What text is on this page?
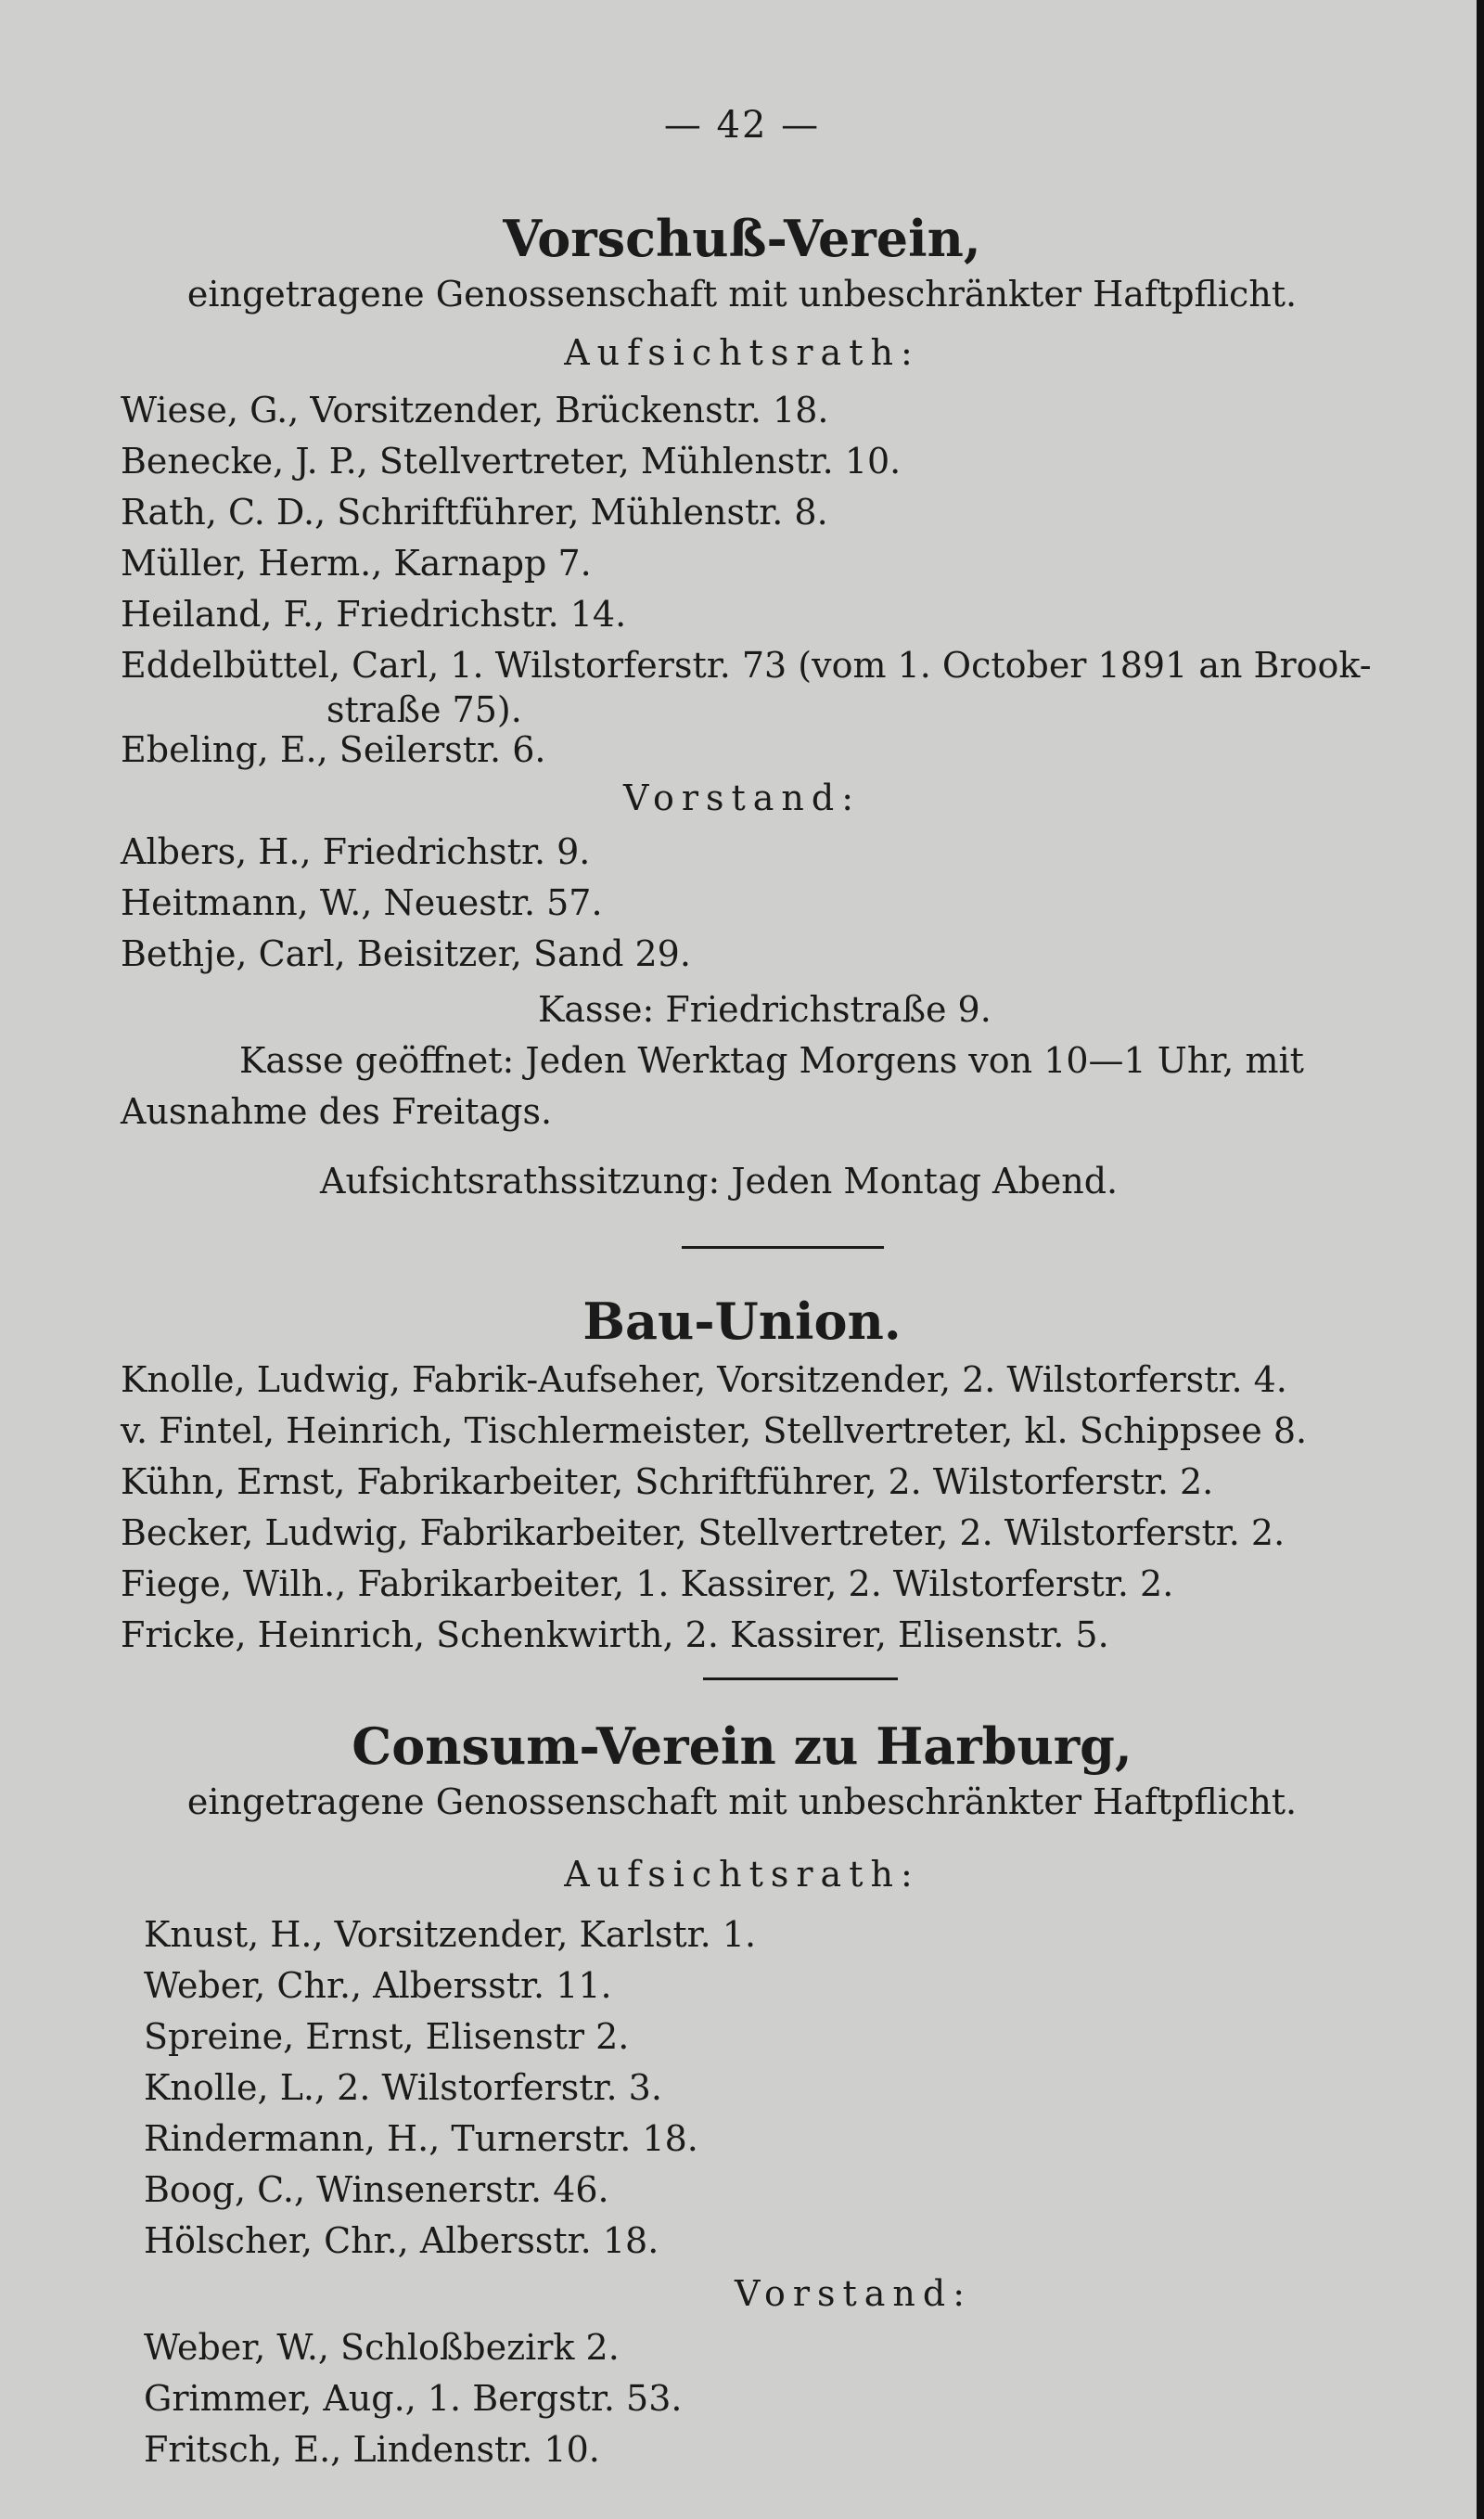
— 42 —
Vorschuß-Verein,
eingetragene Genossenschaft mit unbeschränkter Haftpflicht.
Aufsichtsrath:
Wiese, G., Vorsitzender, Brückenstr. 18.
Benecke, J. P., Stellvertreter, Mühlenstr. 10.
Rath, C. D., Schriftführer, Mühlenstr. 8.
Müller, Herm., Karnapp 7.
Heiland, F., Friedrichstr. 14.
Eddelbüttel, Carl, 1. Wilstorferstr. 73 (vom 1. October 1891 an Brook-
straße 75).
Ebeling, E., Seilerstr. 6.
Vorstand:
Albers, H., Friedrichstr. 9.
Heitmann, W., Neuestr. 57.
Bethje, Carl, Beisitzer, Sand 29.
Kasse: Friedrichstraße 9.
Kasse geöffnet: Jeden Werktag Morgens von 10—1 Uhr, mit
Ausnahme des Freitags.
Aufsichtsrathssitzung: Jeden Montag Abend.
Bau-Union.
Knolle, Ludwig, Fabrik-Aufseher, Vorsitzender, 2. Wilstorferstr. 4.
v. Fintel, Heinrich, Tischlermeister, Stellvertreter, kl. Schippsee 8.
Kühn, Ernst, Fabrikarbeiter, Schriftführer, 2. Wilstorferstr. 2.
Becker, Ludwig, Fabrikarbeiter, Stellvertreter, 2. Wilstorferstr. 2.
Fiege, Wilh., Fabrikarbeiter, 1. Kassirer, 2. Wilstorferstr. 2.
Fricke, Heinrich, Schenkwirth, 2. Kassirer, Elisenstr. 5.
Consum-Verein zu Harburg,
eingetragene Genossenschaft mit unbeschränkter Haftpflicht.
Aufsichtsrath:
Knust, H., Vorsitzender, Karlstr. 1.
Weber, Chr., Albersstr. 11.
Spreine, Ernst, Elisenstr 2.
Knolle, L., 2. Wilstorferstr. 3.
Rindermann, H., Turnerstr. 18.
Boog, C., Winsenerstr. 46.
Hölscher, Chr., Albersstr. 18.
Vorstand:
Weber, W., Schloßbezirk 2.
Grimmer, Aug., 1. Bergstr. 53.
Fritsch, E., Lindenstr. 10.
